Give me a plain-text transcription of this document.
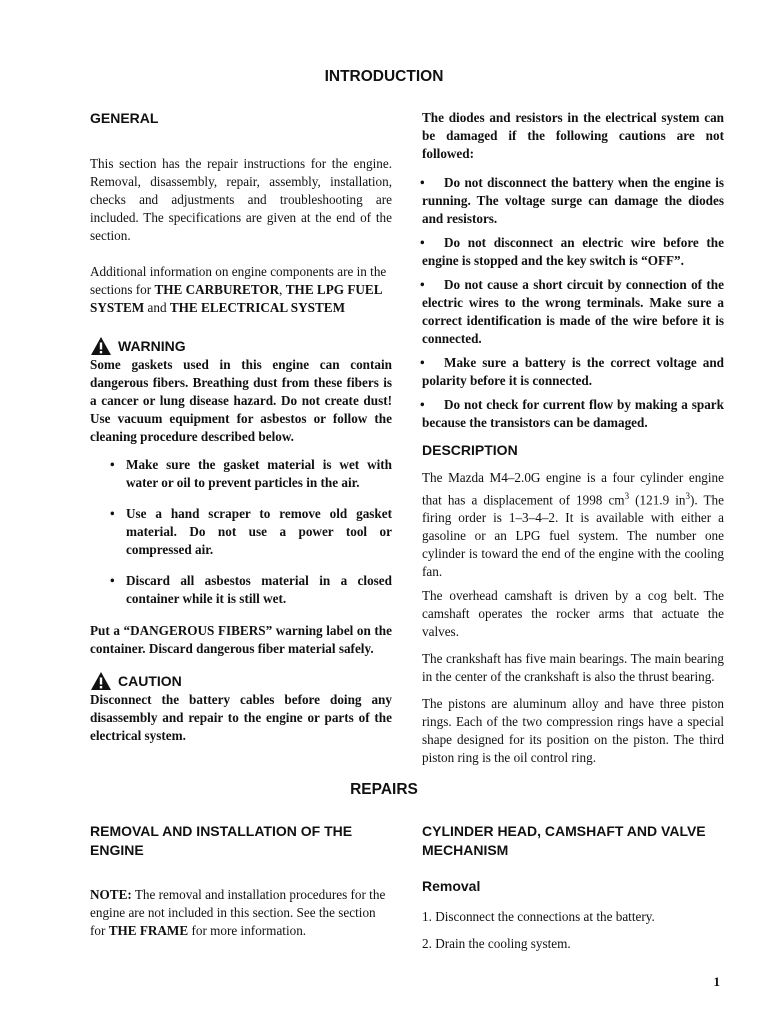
INTRODUCTION
GENERAL

This section has the repair instructions for the engine. Removal, disassembly, repair, assembly, installation, checks and adjustments and troubleshooting are included. The specifications are given at the end of the section.

Additional information on engine components are in the sections for THE CARBURETOR, THE LPG FUEL SYSTEM and THE ELECTRICAL SYSTEM

WARNING

Some gaskets used in this engine can contain dangerous fibers. Breathing dust from these fibers is a cancer or lung disease hazard. Do not create dust! Use vacuum equipment for asbestos or follow the cleaning procedure described below.

• Make sure the gasket material is wet with water or oil to prevent particles in the air.
• Use a hand scraper to remove old gasket material. Do not use a power tool or compressed air.
• Discard all asbestos material in a closed container while it is still wet.

Put a “DANGEROUS FIBERS” warning label on the container. Discard dangerous fiber material safely.

CAUTION

Disconnect the battery cables before doing any disassembly and repair to the engine or parts of the electrical system.

The diodes and resistors in the electrical system can be damaged if the following cautions are not followed:

• Do not disconnect the battery when the engine is running. The voltage surge can damage the diodes and resistors.
• Do not disconnect an electric wire before the engine is stopped and the key switch is “OFF”.
• Do not cause a short circuit by connection of the electric wires to the wrong terminals. Make sure a correct identification is made of the wire before it is connected.
• Make sure a battery is the correct voltage and polarity before it is connected.
• Do not check for current flow by making a spark because the transistors can be damaged.
DESCRIPTION

The Mazda M4–2.0G engine is a four cylinder engine that has a displacement of 1998 $cm^3$ (121.9 $in^3$). The firing order is 1–3–4–2. It is available with either a gasoline or an LPG fuel system. The number one cylinder is toward the end of the engine with the cooling fan.

The overhead camshaft is driven by a cog belt. The camshaft operates the rocker arms that actuate the valves.

The crankshaft has five main bearings. The main bearing in the center of the crankshaft is also the thrust bearing.

The pistons are aluminum alloy and have three piston rings. Each of the two compression rings have a special shape designed for its position on the piston. The third piston ring is the oil control ring.

REPAIRS
REMOVAL AND INSTALLATION OF THE ENGINE

NOTE: The removal and installation procedures for the engine are not included in this section. See the section for THE FRAME for more information.

CYLINDER HEAD, CAMSHAFT AND VALVE MECHANISM
Removal

1. Disconnect the connections at the battery.

2. Drain the cooling system.

1
